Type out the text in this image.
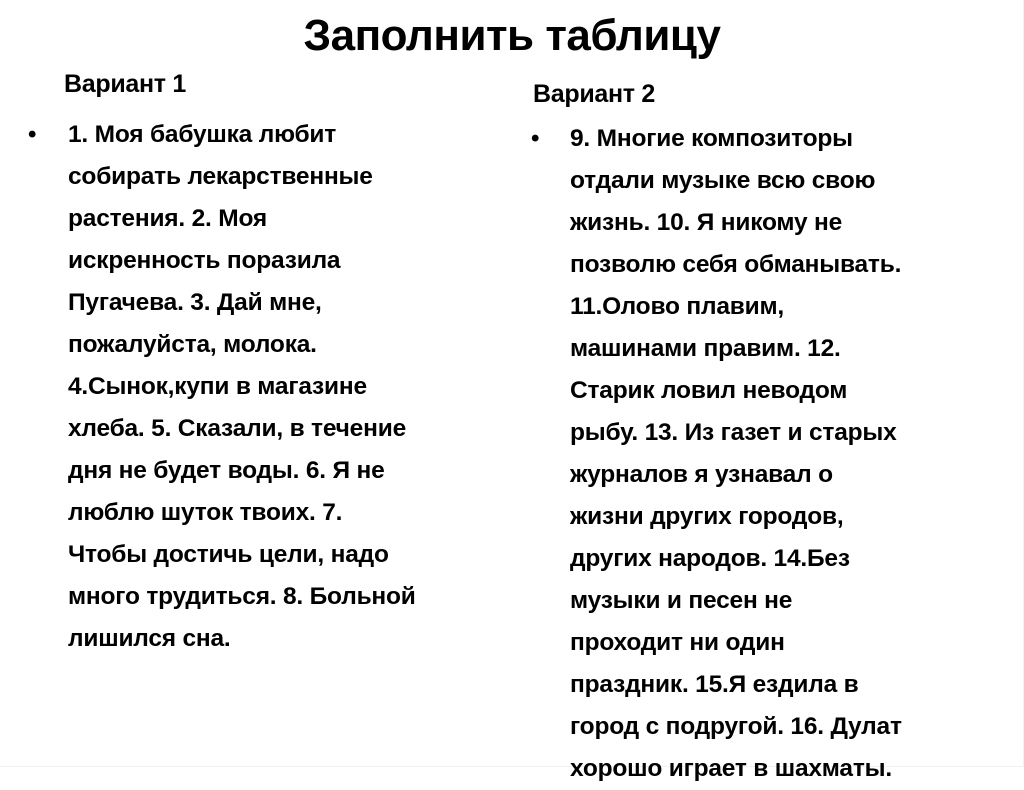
Заполнить таблицу
Вариант 1	Вариант 2
• 1. Моя бабушка любит
собирать лекарственные
растения. 2. Моя
искренность поразила
Пугачева. 3. Дай мне,
пожалуйста, молока.
4.Сынок,купи в магазине
хлеба. 5. Сказали, в течение
дня не будет воды. 6. Я не
люблю шуток твоих. 7.
Чтобы достичь цели, надо
много трудиться. 8. Больной
лишился сна.
• 9. Многие композиторы
отдали музыке всю свою
жизнь. 10. Я никому не
позволю себя обманывать.
11.Олово плавим,
машинами правим. 12.
Старик ловил неводом
рыбу. 13. Из газет и старых
журналов я узнавал о
жизни других городов,
других народов. 14.Без
музыки и песен не
проходит ни один
праздник. 15.Я ездила в
город с подругой. 16. Дулат
хорошо играет в шахматы.
